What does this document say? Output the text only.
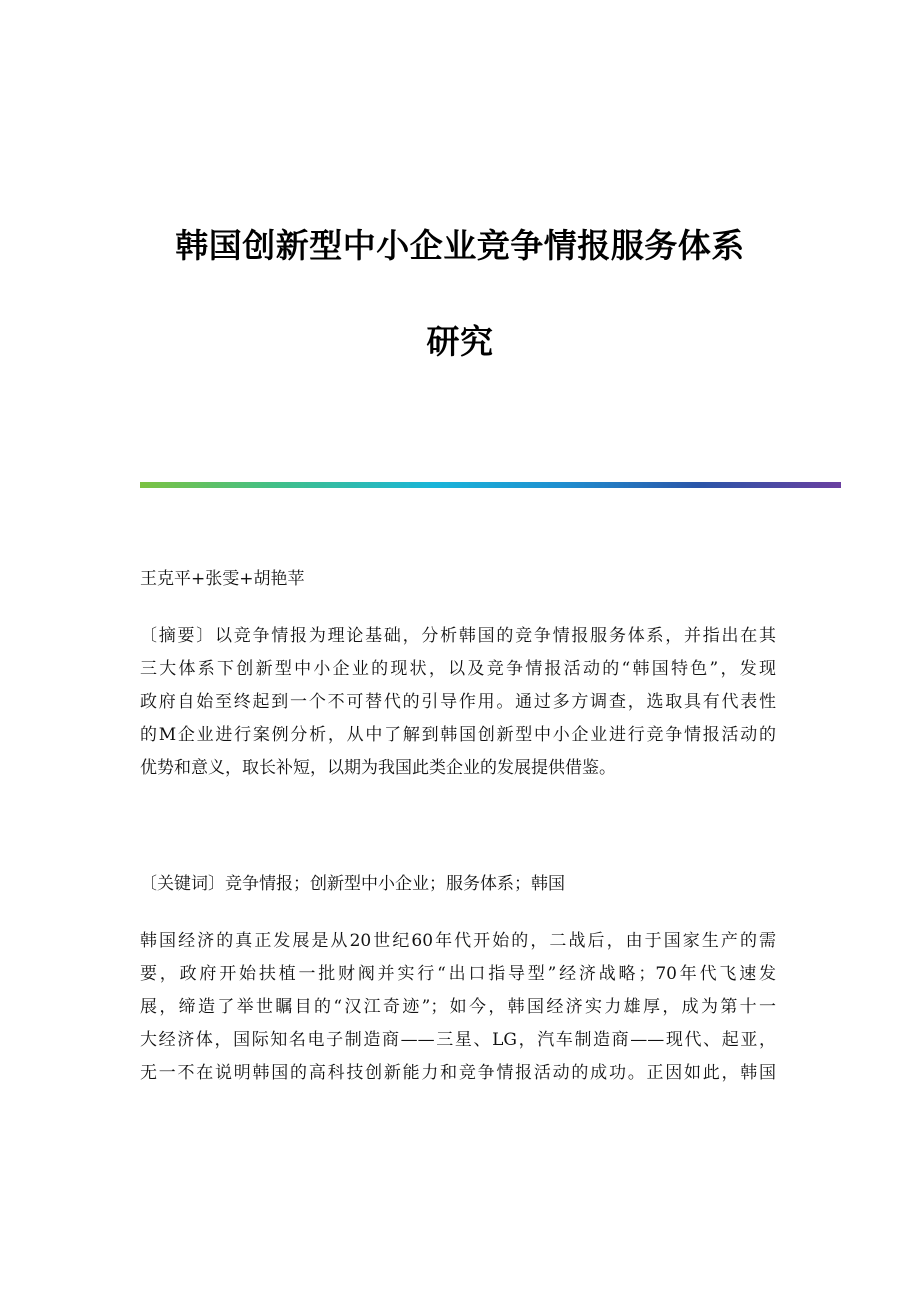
韩国创新型中小企业竞争情报服务体系
研究
王克平+张雯+胡艳苹
〔摘要〕以竞争情报为理论基础，分析韩国的竞争情报服务体系，并指出在其
三大体系下创新型中小企业的现状，以及竞争情报活动的“韩国特色”，发现
政府自始至终起到一个不可替代的引导作用。通过多方调查，选取具有代表性
的M企业进行案例分析，从中了解到韩国创新型中小企业进行竞争情报活动的
优势和意义，取长补短，以期为我国此类企业的发展提供借鉴。
〔关键词〕竞争情报；创新型中小企业；服务体系；韩国
韩国经济的真正发展是从20世纪60年代开始的，二战后，由于国家生产的需
要，政府开始扶植一批财阀并实行“出口指导型”经济战略；70年代飞速发
展，缔造了举世瞩目的“汉江奇迹”；如今，韩国经济实力雄厚，成为第十一
大经济体，国际知名电子制造商——三星、LG，汽车制造商——现代、起亚，
无一不在说明韩国的高科技创新能力和竞争情报活动的成功。正因如此，韩国
